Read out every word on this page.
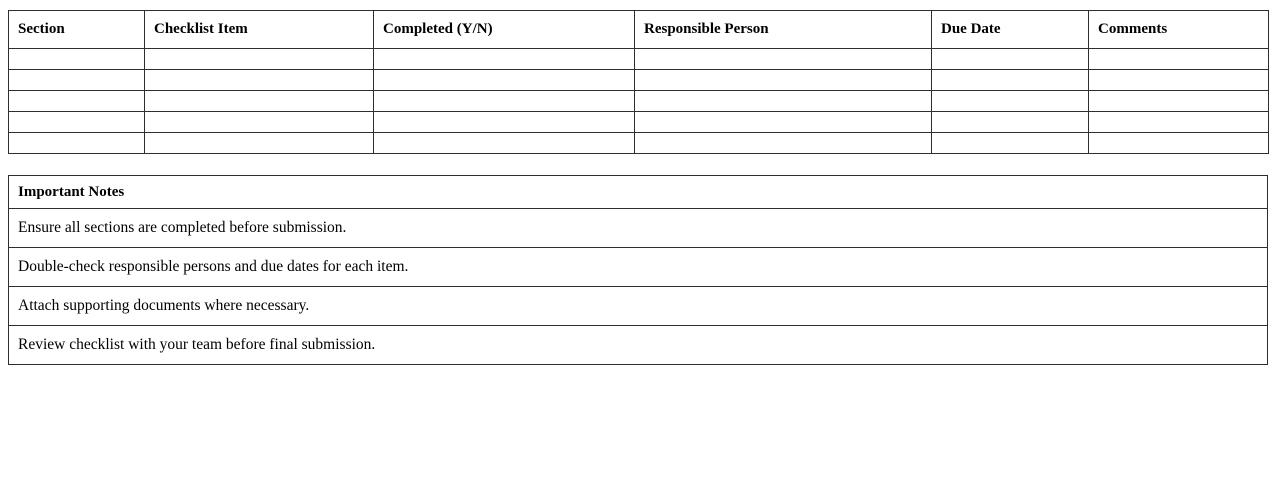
Section	Checklist Item	Completed (Y/N)	Responsible Person	Due Date	Comments

Important Notes
Ensure all sections are completed before submission.
Double-check responsible persons and due dates for each item.
Attach supporting documents where necessary.
Review checklist with your team before final submission.
